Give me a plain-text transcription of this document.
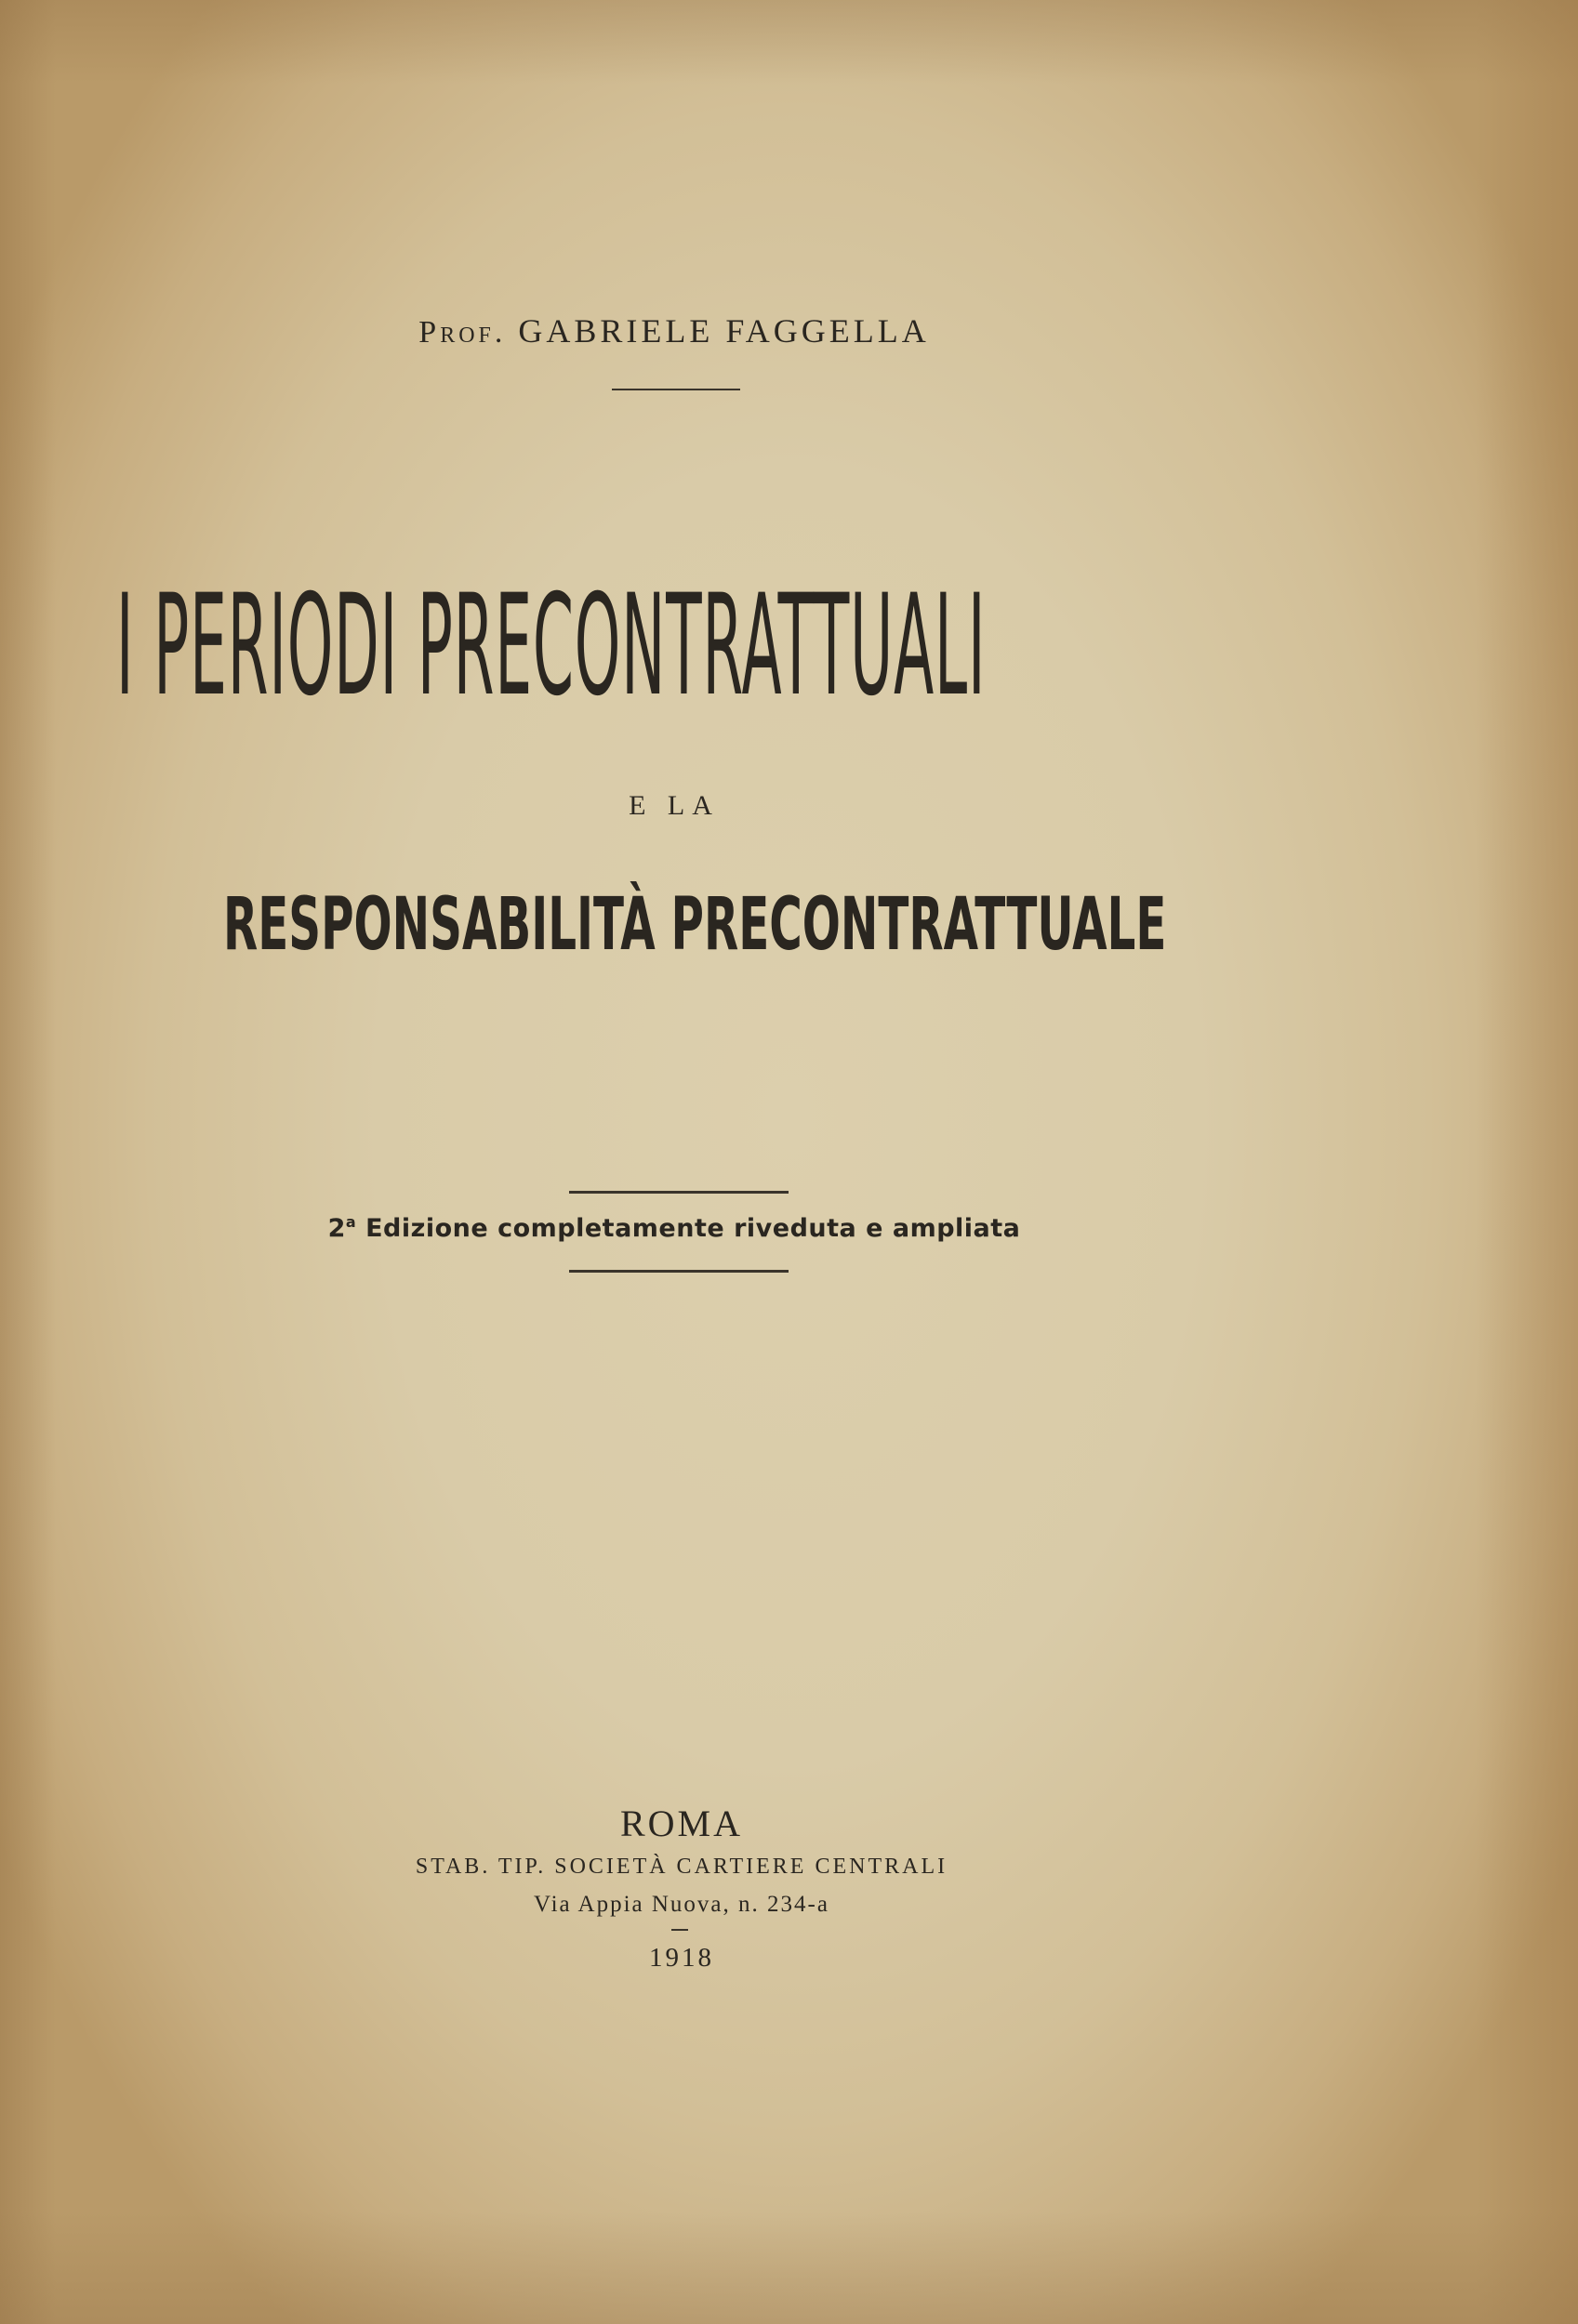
Prof. GABRIELE FAGGELLA
I PERIODI PRECONTRATTUALI
E LA
RESPONSABILITÀ PRECONTRATTUALE
2$^a$ Edizione completamente riveduta e ampliata
ROMA
STAB. TIP. SOCIETÀ CARTIERE CENTRALI
Via Appia Nuova, n. 234-a
1918
